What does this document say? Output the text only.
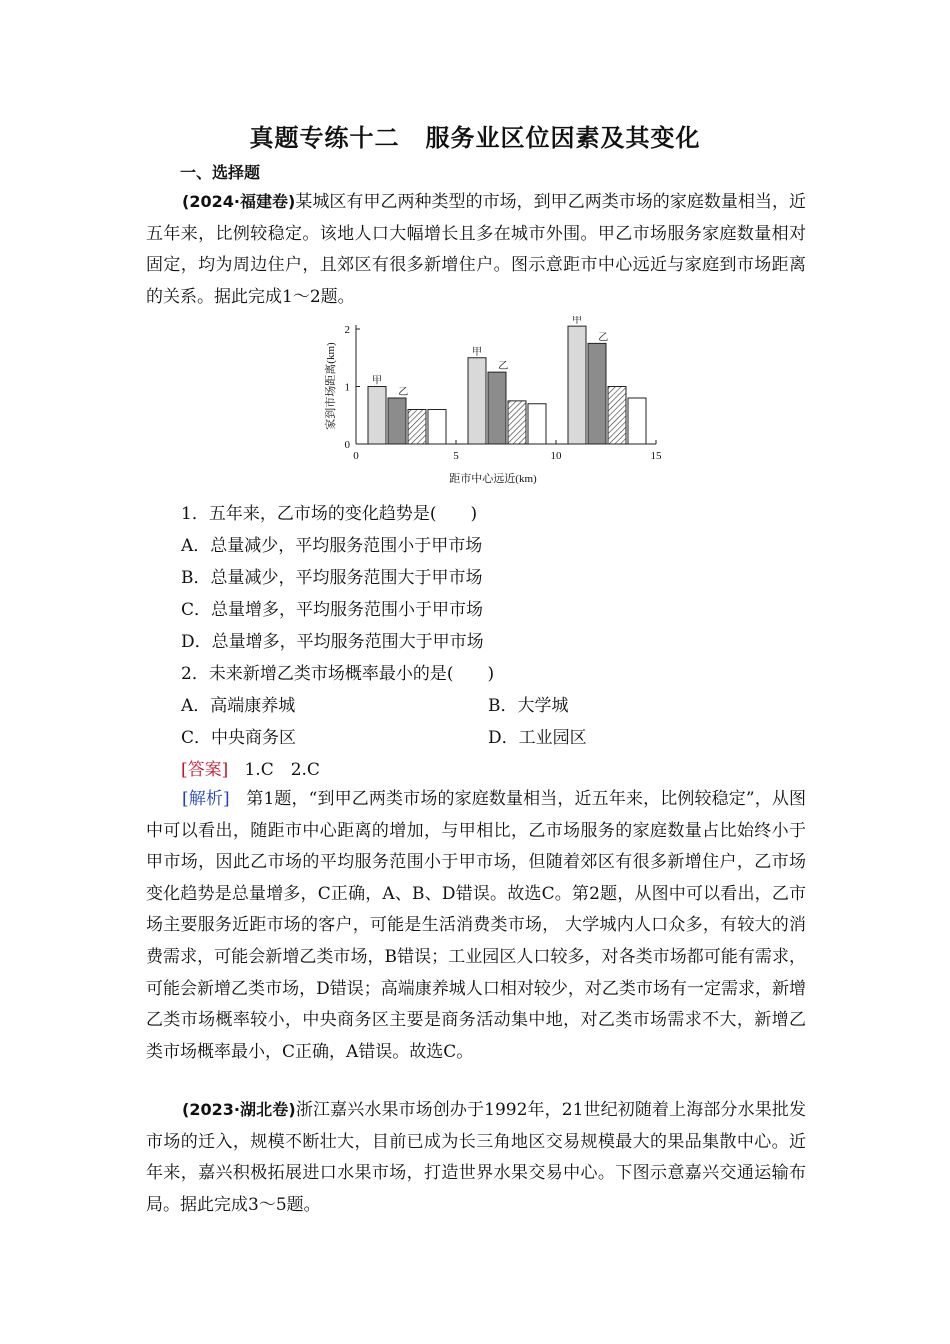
真题专练十二 服务业区位因素及其变化
一、选择题
(2024·福建卷)某城区有甲乙两种类型的市场，到甲乙两类市场的家庭数量相当，近五年来，比例较稳定。该地人口大幅增长且多在城市外围。甲乙市场服务家庭数量相对固定，均为周边住户，且郊区有很多新增住户。图示意距市中心远近与家庭到市场距离的关系。据此完成1～2题。
家到市场距离(km)
0
1
2
0	5	10	15
甲
乙
甲
乙
甲
乙
距市中心远近(km)
1．五年来，乙市场的变化趋势是(　　)
A．总量减少，平均服务范围小于甲市场
B．总量减少，平均服务范围大于甲市场
C．总量增多，平均服务范围小于甲市场
D．总量增多，平均服务范围大于甲市场
2．未来新增乙类市场概率最小的是(　　)
A．高端康养城	B．大学城
C．中央商务区	D．工业园区
[答案] 1.C　2.C
[解析] 第1题，“到甲乙两类市场的家庭数量相当，近五年来，比例较稳定”，从图中可以看出，随距市中心距离的增加，与甲相比，乙市场服务的家庭数量占比始终小于甲市场，因此乙市场的平均服务范围小于甲市场，但随着郊区有很多新增住户，乙市场变化趋势是总量增多，C正确，A、B、D错误。故选C。第2题，从图中可以看出，乙市场主要服务近距市场的客户，可能是生活消费类市场， 大学城内人口众多，有较大的消费需求，可能会新增乙类市场，B错误；工业园区人口较多，对各类市场都可能有需求，可能会新增乙类市场，D错误；高端康养城人口相对较少，对乙类市场有一定需求，新增乙类市场概率较小，中央商务区主要是商务活动集中地，对乙类市场需求不大，新增乙类市场概率最小，C正确，A错误。故选C。
(2023·湖北卷)浙江嘉兴水果市场创办于1992年，21世纪初随着上海部分水果批发市场的迁入，规模不断壮大，目前已成为长三角地区交易规模最大的果品集散中心。近年来，嘉兴积极拓展进口水果市场，打造世界水果交易中心。下图示意嘉兴交通运输布局。据此完成3～5题。
